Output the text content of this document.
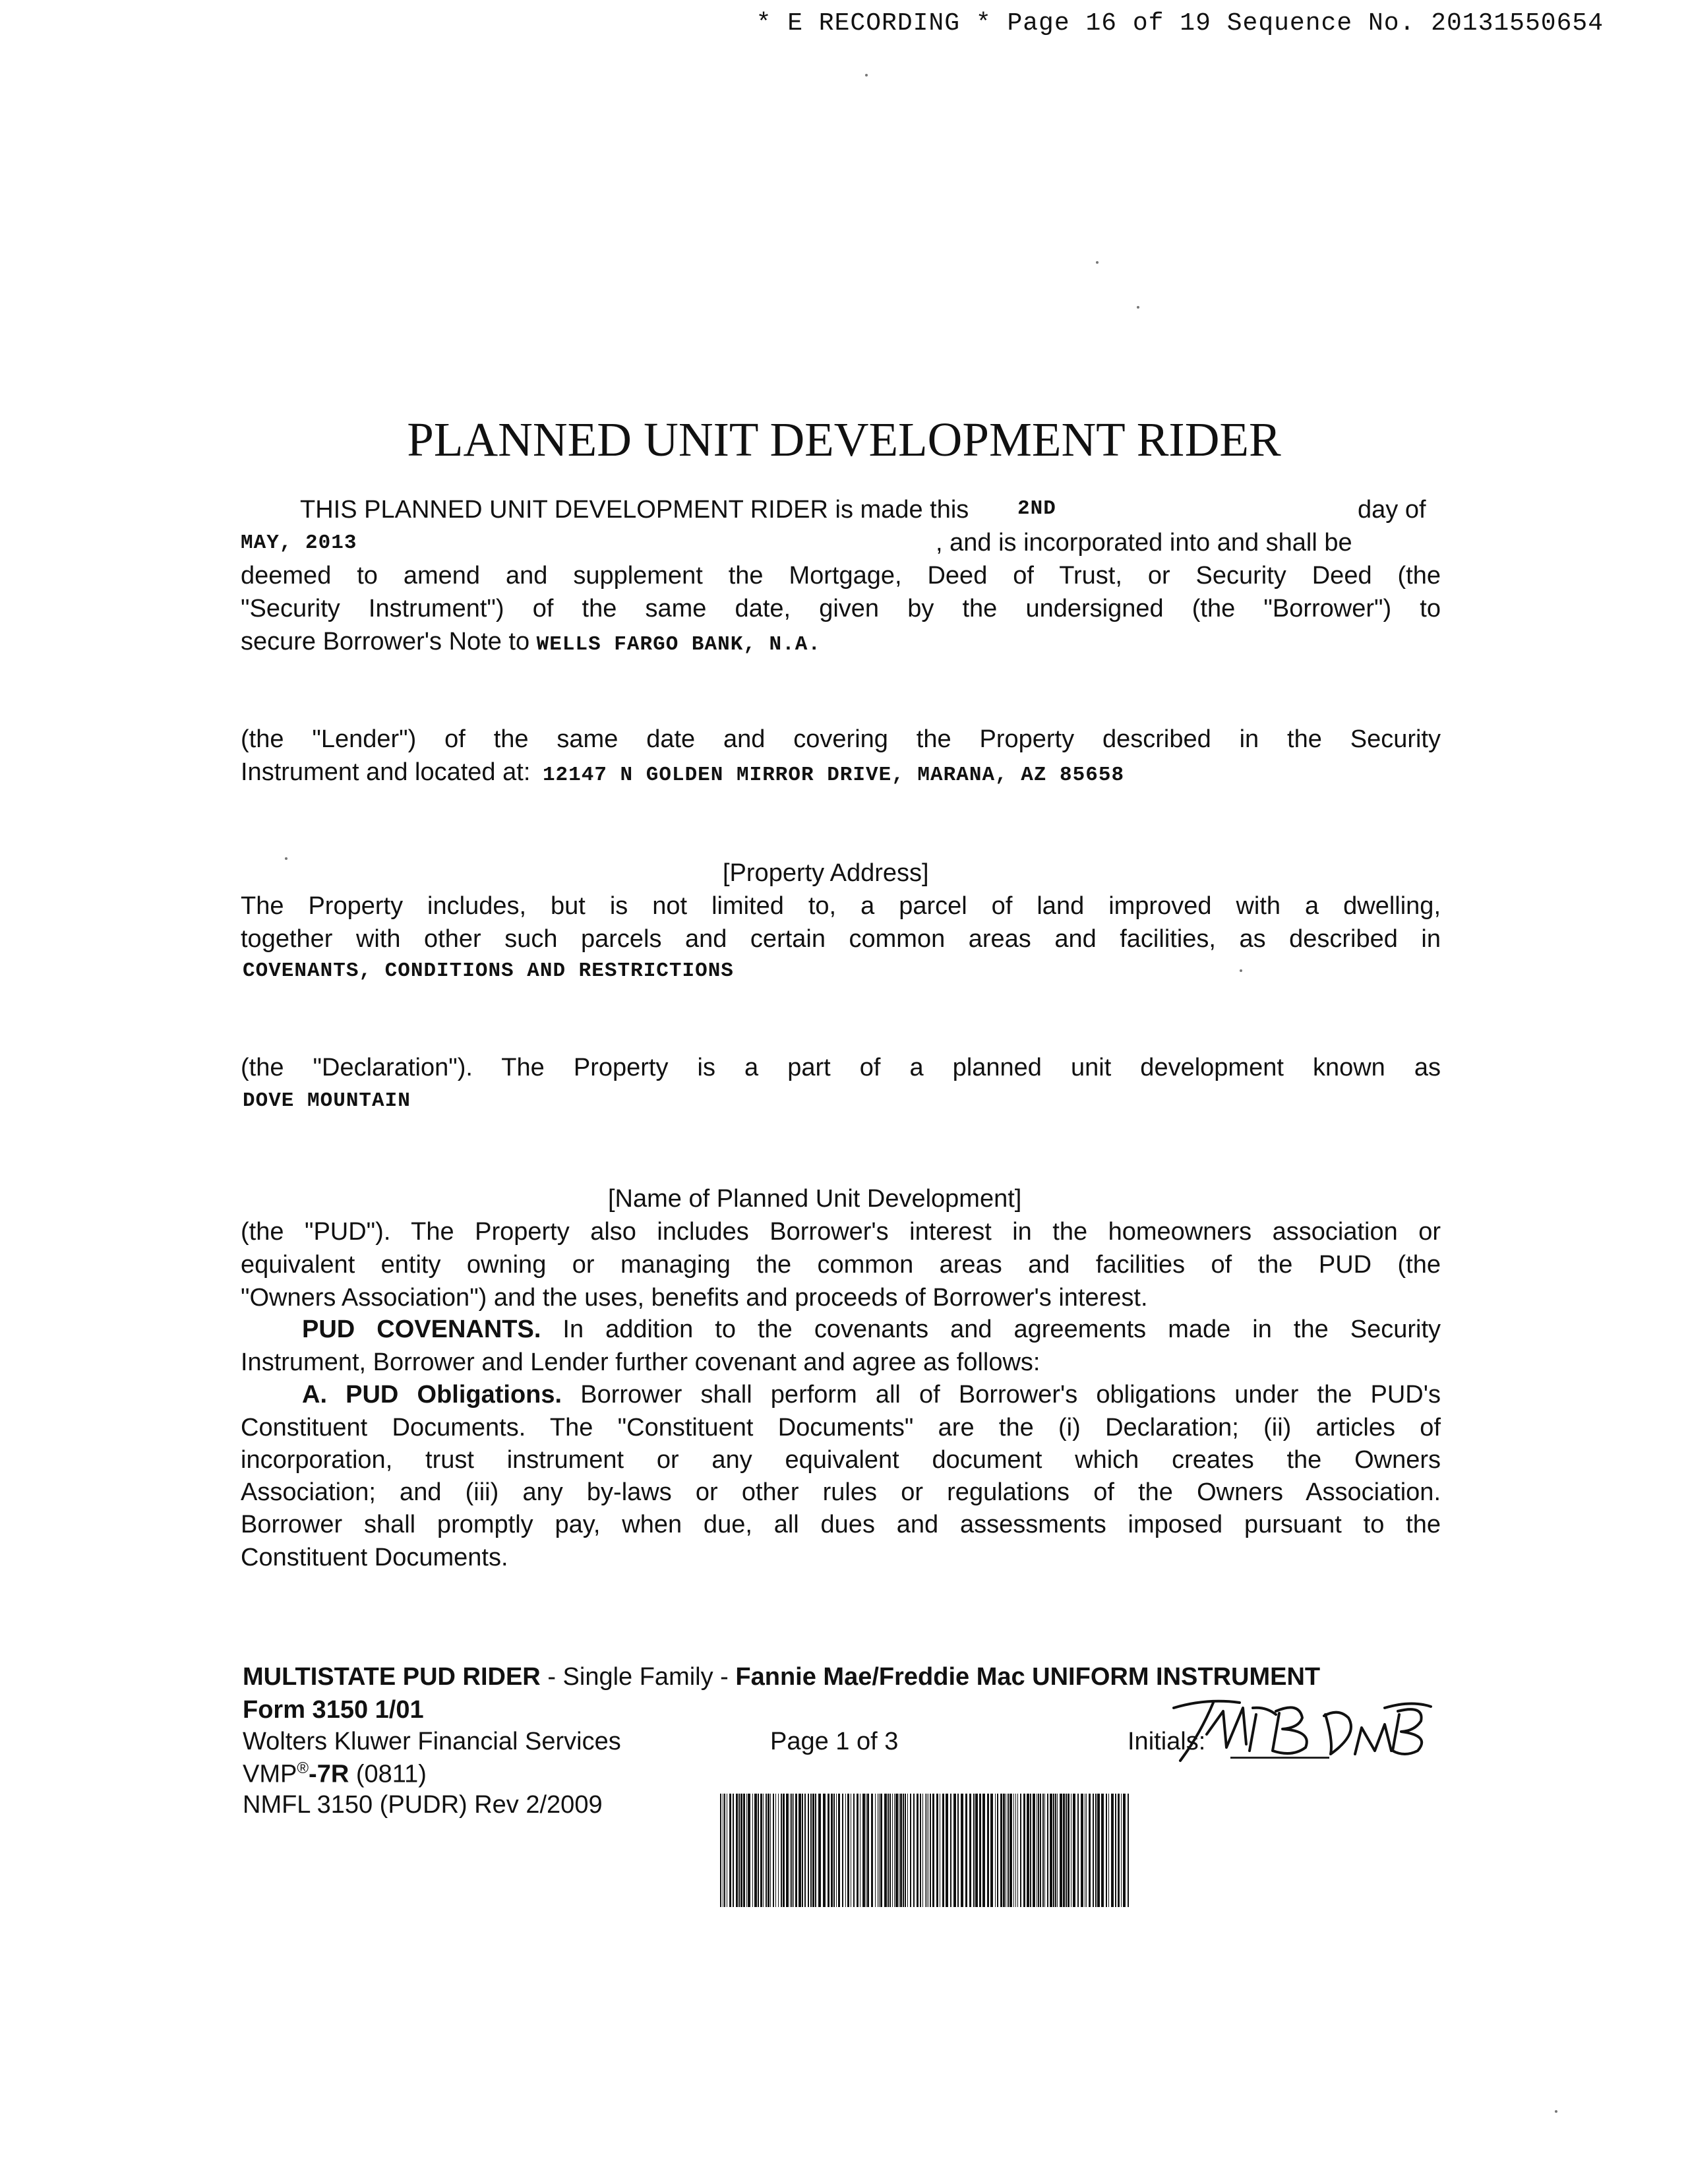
* E RECORDING * Page 16 of 19 Sequence No. 20131550654
PLANNED UNIT DEVELOPMENT RIDER
THIS PLANNED UNIT DEVELOPMENT RIDER is made this 2ND	day of
MAY, 2013	, and is incorporated into and shall be
deemed to amend and supplement the Mortgage, Deed of Trust, or Security Deed (the
"Security Instrument") of the same date, given by the undersigned (the "Borrower") to
secure Borrower's Note to WELLS FARGO BANK, N.A.
(the "Lender") of the same date and covering the Property described in the Security
Instrument and located at: 12147 N GOLDEN MIRROR DRIVE, MARANA, AZ 85658
[Property Address]
The Property includes, but is not limited to, a parcel of land improved with a dwelling,
together with other such parcels and certain common areas and facilities, as described in
COVENANTS, CONDITIONS AND RESTRICTIONS
(the "Declaration"). The Property is a part of a planned unit development known as
DOVE MOUNTAIN
[Name of Planned Unit Development]
(the "PUD"). The Property also includes Borrower's interest in the homeowners association or
equivalent entity owning or managing the common areas and facilities of the PUD (the
"Owners Association") and the uses, benefits and proceeds of Borrower's interest.
PUD COVENANTS. In addition to the covenants and agreements made in the Security
Instrument, Borrower and Lender further covenant and agree as follows:
A. PUD Obligations. Borrower shall perform all of Borrower's obligations under the PUD's
Constituent Documents. The "Constituent Documents" are the (i) Declaration; (ii) articles of
incorporation, trust instrument or any equivalent document which creates the Owners
Association; and (iii) any by-laws or other rules or regulations of the Owners Association.
Borrower shall promptly pay, when due, all dues and assessments imposed pursuant to the
Constituent Documents.
MULTISTATE PUD RIDER - Single Family - Fannie Mae/Freddie Mac UNIFORM INSTRUMENT
Form 3150 1/01
Wolters Kluwer Financial Services	Page 1 of 3	Initials:
VMP®-7R (0811)
NMFL 3150 (PUDR) Rev 2/2009
